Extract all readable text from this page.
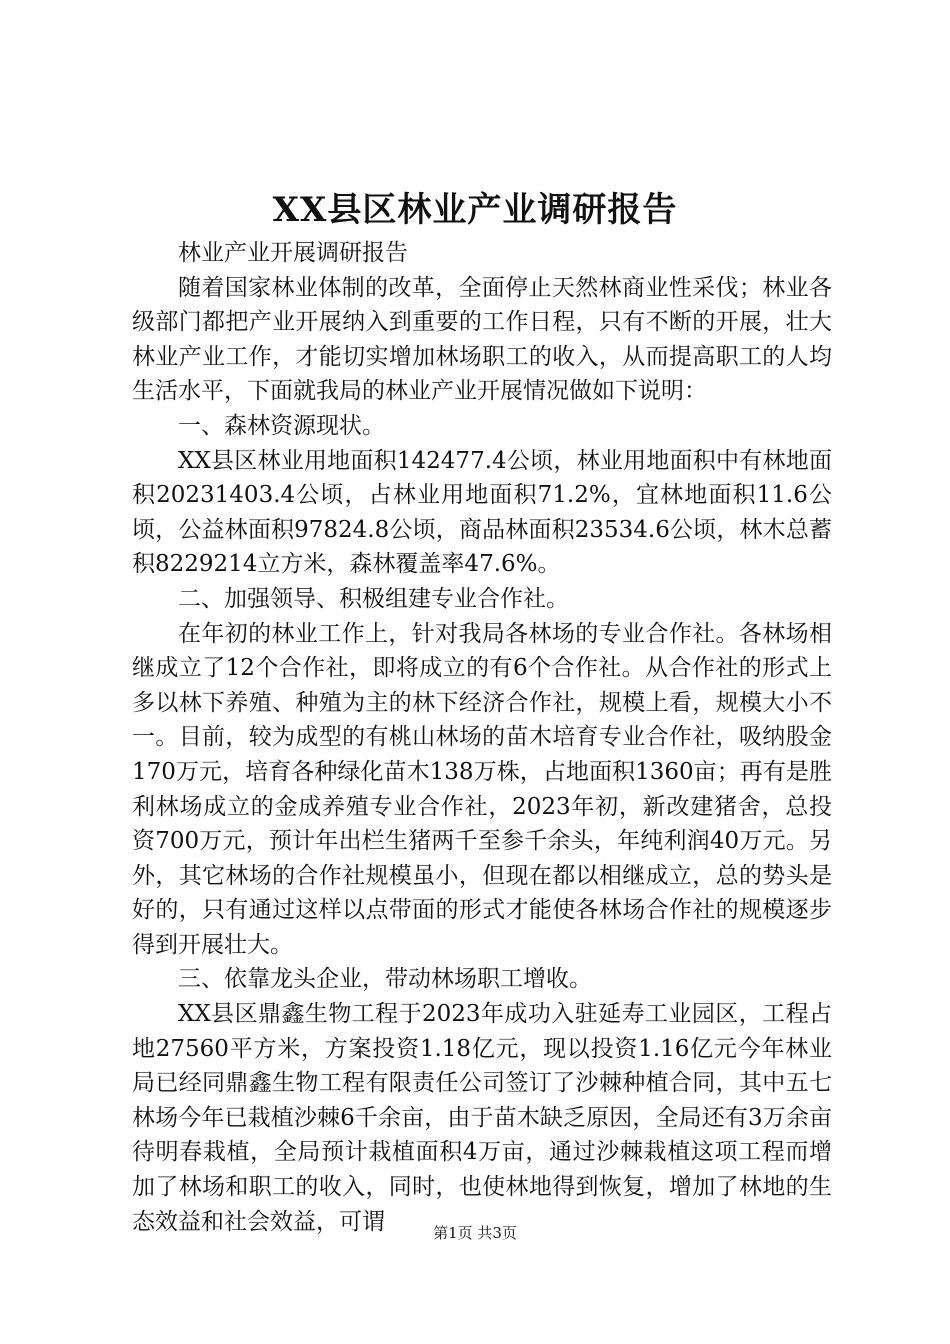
XX县区林业产业调研报告

林业产业开展调研报告

随着国家林业体制的改革，全面停止天然林商业性采伐；林业各级部门都把产业开展纳入到重要的工作日程，只有不断的开展，壮大林业产业工作，才能切实增加林场职工的收入，从而提高职工的人均生活水平，下面就我局的林业产业开展情况做如下说明：

一、森林资源现状。

XX县区林业用地面积142477.4公顷，林业用地面积中有林地面积20231403.4公顷，占林业用地面积71.2%，宜林地面积11.6公顷，公益林面积97824.8公顷，商品林面积23534.6公顷，林木总蓄积8229214立方米，森林覆盖率47.6%。

二、加强领导、积极组建专业合作社。

在年初的林业工作上，针对我局各林场的专业合作社。各林场相继成立了12个合作社，即将成立的有6个合作社。从合作社的形式上多以林下养殖、种殖为主的林下经济合作社，规模上看，规模大小不一。目前，较为成型的有桃山林场的苗木培育专业合作社，吸纳股金170万元，培育各种绿化苗木138万株，占地面积1360亩；再有是胜利林场成立的金成养殖专业合作社，2023年初，新改建猪舍，总投资700万元，预计年出栏生猪两千至参千余头，年纯利润40万元。另外，其它林场的合作社规模虽小，但现在都以相继成立，总的势头是好的，只有通过这样以点带面的形式才能使各林场合作社的规模逐步得到开展壮大。

三、依靠龙头企业，带动林场职工增收。

XX县区鼎鑫生物工程于2023年成功入驻延寿工业园区，工程占地27560平方米，方案投资1.18亿元，现以投资1.16亿元今年林业局已经同鼎鑫生物工程有限责任公司签订了沙棘种植合同，其中五七林场今年已栽植沙棘6千余亩，由于苗木缺乏原因，全局还有3万余亩待明春栽植，全局预计栽植面积4万亩，通过沙棘栽植这项工程而增加了林场和职工的收入，同时，也使林地得到恢复，增加了林地的生态效益和社会效益，可谓	第1页 共3页
